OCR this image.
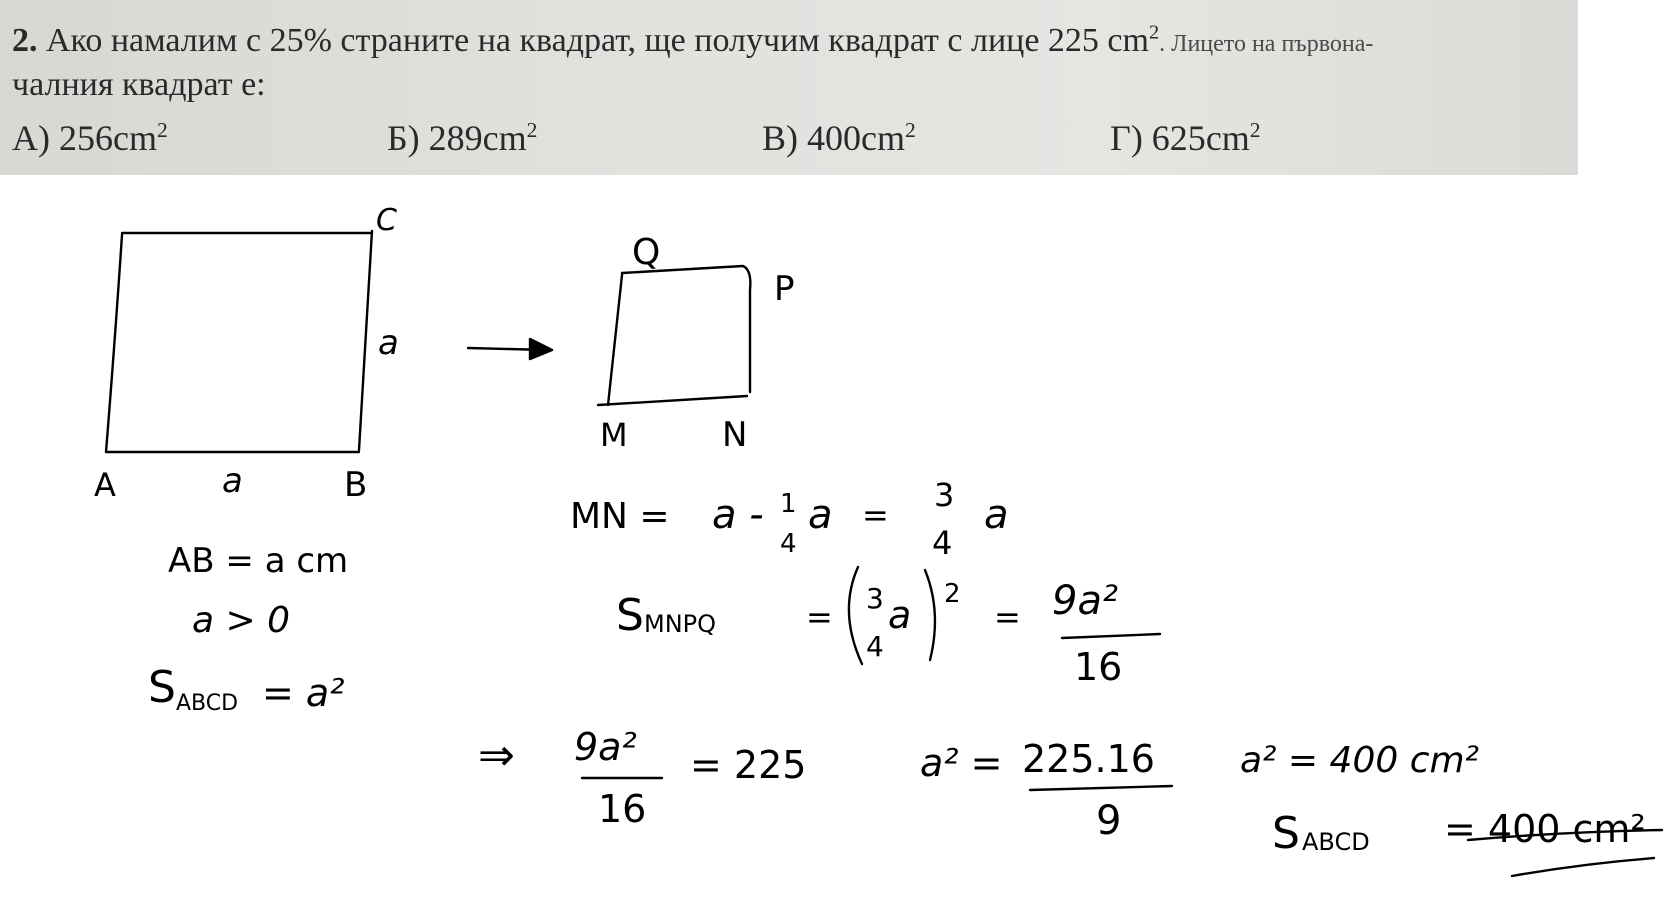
2. Ако намалим с 25% страните на квадрат, ще получим квадрат с лице 225 $cm^2$. Лицето на първона-
чалния квадрат е:
А) $256cm^2$	Б) $289cm^2$	В) $400cm^2$	Г) $625cm^2$
C
a
A	a	B
Q
P
M	N
AB = a cm
a > 0
S ABCD = a²
MN = a - 1
4
a =
3
4
a
S MNPQ	= 3
4
a 2
= 9a²
16
⇒ 9a²
16
= 225	a² = 225.16
9
a² = 400 cm²
S ABCD = 400 cm²
